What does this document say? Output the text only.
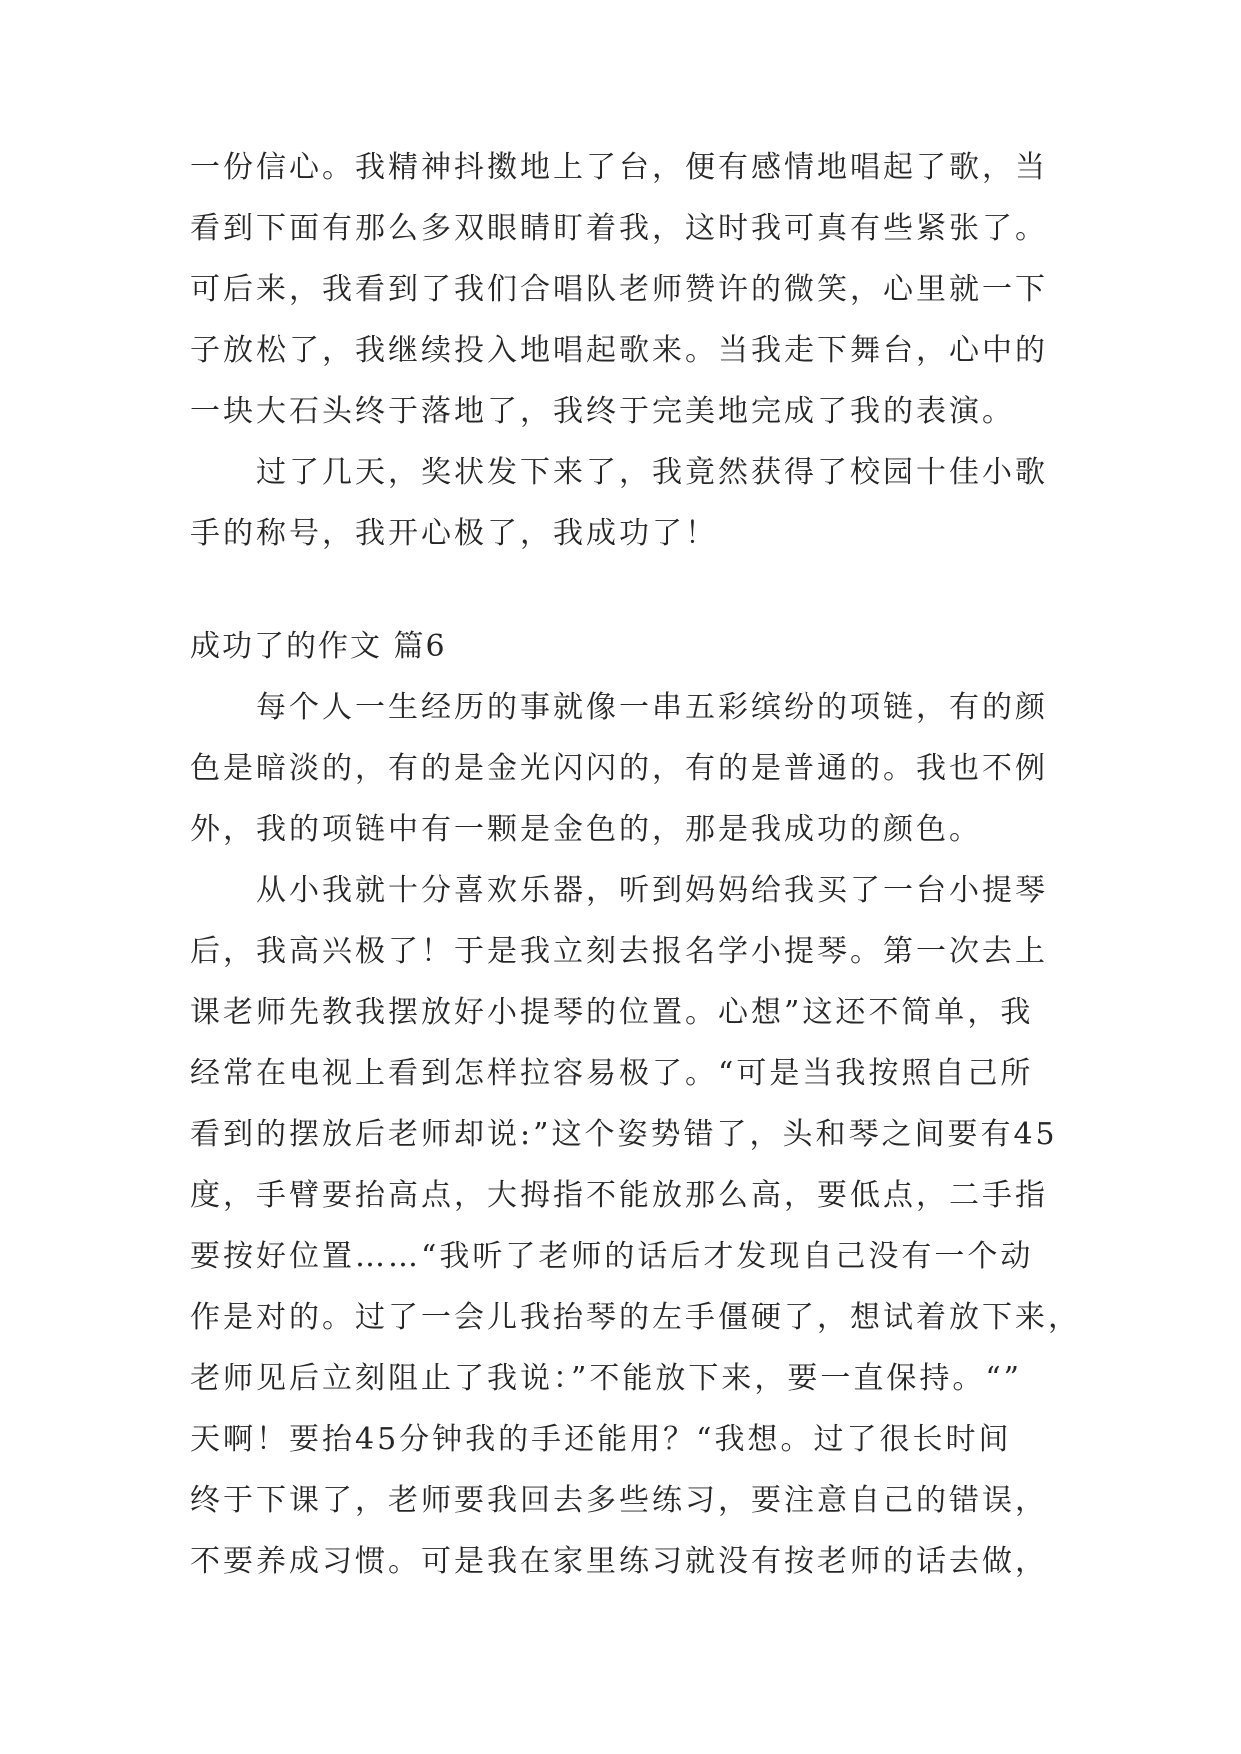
一份信心。我精神抖擞地上了台，便有感情地唱起了歌，当
看到下面有那么多双眼睛盯着我，这时我可真有些紧张了。
可后来，我看到了我们合唱队老师赞许的微笑，心里就一下
子放松了，我继续投入地唱起歌来。当我走下舞台，心中的
一块大石头终于落地了，我终于完美地完成了我的表演。
过了几天，奖状发下来了，我竟然获得了校园十佳小歌
手的称号，我开心极了，我成功了！
成功了的作文 篇6
每个人一生经历的事就像一串五彩缤纷的项链，有的颜
色是暗淡的，有的是金光闪闪的，有的是普通的。我也不例
外，我的项链中有一颗是金色的，那是我成功的颜色。
从小我就十分喜欢乐器，听到妈妈给我买了一台小提琴
后，我高兴极了！于是我立刻去报名学小提琴。第一次去上
课老师先教我摆放好小提琴的位置。心想”这还不简单，我
经常在电视上看到怎样拉容易极了。“可是当我按照自己所
看到的摆放后老师却说:”这个姿势错了，头和琴之间要有45
度，手臂要抬高点，大拇指不能放那么高，要低点，二手指
要按好位置……“我听了老师的话后才发现自己没有一个动
作是对的。过了一会儿我抬琴的左手僵硬了，想试着放下来，
老师见后立刻阻止了我说：”不能放下来，要一直保持。“”
天啊！要抬45分钟我的手还能用？“我想。过了很长时间
终于下课了，老师要我回去多些练习，要注意自己的错误，
不要养成习惯。可是我在家里练习就没有按老师的话去做，
